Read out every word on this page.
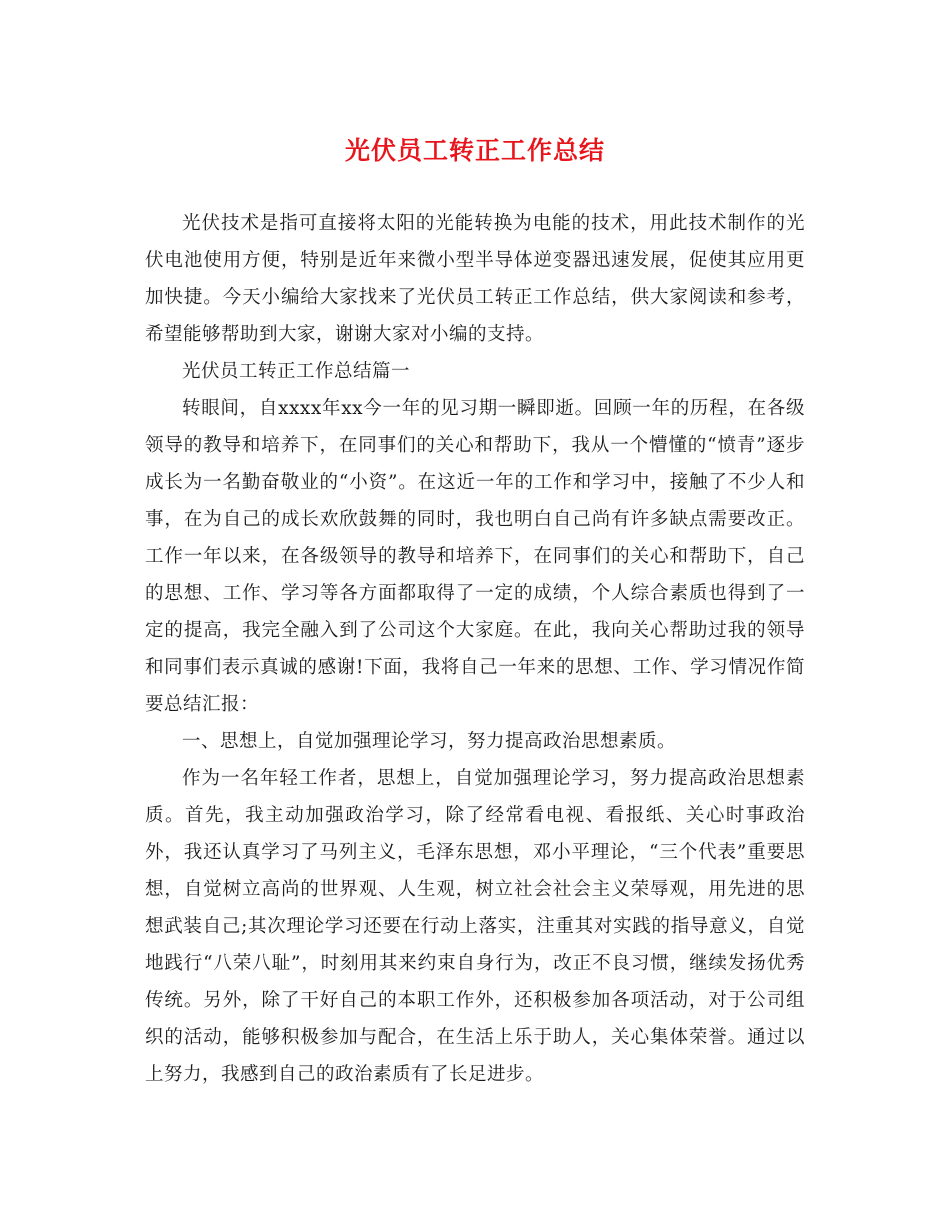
光伏员工转正工作总结

光伏技术是指可直接将太阳的光能转换为电能的技术，用此技术制作的光伏电池使用方便，特别是近年来微小型半导体逆变器迅速发展，促使其应用更加快捷。今天小编给大家找来了光伏员工转正工作总结，供大家阅读和参考，希望能够帮助到大家，谢谢大家对小编的支持。

光伏员工转正工作总结篇一

转眼间，自xxxx年xx今一年的见习期一瞬即逝。回顾一年的历程，在各级领导的教导和培养下，在同事们的关心和帮助下，我从一个懵懂的“愤青”逐步成长为一名勤奋敬业的“小资”。在这近一年的工作和学习中，接触了不少人和事，在为自己的成长欢欣鼓舞的同时，我也明白自己尚有许多缺点需要改正。工作一年以来，在各级领导的教导和培养下，在同事们的关心和帮助下，自己的思想、工作、学习等各方面都取得了一定的成绩，个人综合素质也得到了一定的提高，我完全融入到了公司这个大家庭。在此，我向关心帮助过我的领导和同事们表示真诚的感谢!下面，我将自己一年来的思想、工作、学习情况作简要总结汇报：

一、思想上，自觉加强理论学习，努力提高政治思想素质。

作为一名年轻工作者，思想上，自觉加强理论学习，努力提高政治思想素质。首先，我主动加强政治学习，除了经常看电视、看报纸、关心时事政治外，我还认真学习了马列主义，毛泽东思想，邓小平理论，“三个代表”重要思想，自觉树立高尚的世界观、人生观，树立社会社会主义荣辱观，用先进的思想武装自己;其次理论学习还要在行动上落实，注重其对实践的指导意义，自觉地践行“八荣八耻”，时刻用其来约束自身行为，改正不良习惯，继续发扬优秀传统。另外，除了干好自己的本职工作外，还积极参加各项活动，对于公司组织的活动，能够积极参加与配合，在生活上乐于助人，关心集体荣誉。通过以上努力，我感到自己的政治素质有了长足进步。
